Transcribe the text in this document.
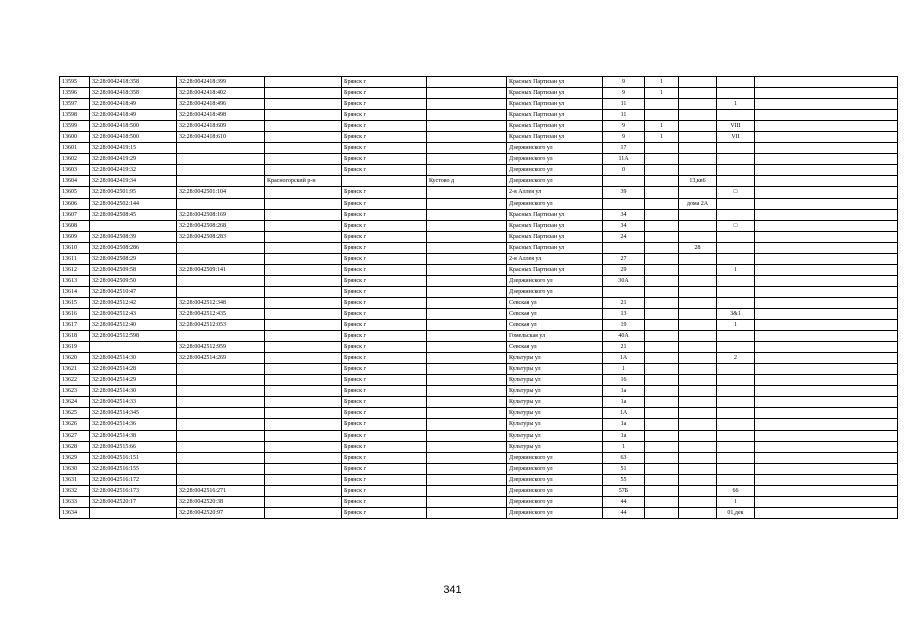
13595	32:28:0042418:358	32:28:0042418:399		Брянск г		Красных Партизан ул	9	1			
13596	32:28:0042418:358	32:28:0042418:402		Брянск г		Красных Партизан ул	9	1			
13597	32:28:0042418:49	32:28:0042418:496		Брянск г		Красных Партизан ул	11			1	
13598	32:28:0042418:49	32:28:0042418:498		Брянск г		Красных Партизан ул	11				
13599	32:28:0042418:500	32:28:0042418:609		Брянск г		Красных Партизан ул	9	1		VIII	
13600	32:28:0042418:500	32:28:0042418:610		Брянск г		Красных Партизан ул	9	1		VII	
13601	32:28:0042419:15			Брянск г		Дзержинского ул	17				
13602	32:28:0042419:29			Брянск г		Дзержинского ул	11А				
13603	32:28:0042419:32			Брянск г		Дзержинского ул	0				
13604	32:28:0042419:34		Красногорский р-н		Кустово д	Дзержинского ул			13,кв6		
13605	32:28:0042501:95	32:28:0042501:104		Брянск г		2-я Аллея ул	39			□	
13606	32:28:0042502:144			Брянск г		Дзержинского ул			дома 2А		
13607	32:28:0042508:45	32:28:0042508:169		Брянск г		Красных Партизан ул	34				
13608		32:28:0042508:268		Брянск г		Красных Партизан ул	34			□	
13609	32:28:0042508:39	32:28:0042508:283		Брянск г		Красных Партизан ул	24				
13610	32:28:0042508:286			Брянск г		Красных Партизан ул			28		
13611	32:28:0042508:29			Брянск г		2-я Аллея ул	27				
13612	32:28:0042509:58	32:28:0042509:141		Брянск г		Красных Партизан ул	29			1	
13613	32:28:0042509:50			Брянск г		Дзержинского ул	30А				
13614	32:28:0042510:47			Брянск г		Дзержинского ул					
13615	32:28:0042512:42	32:28:0042512:348		Брянск г		Севская ул	21				
13616	32:28:0042512:43	32:28:0042512:435		Брянск г		Севская ул	13			3&1	
13617	32:28:0042512:40	32:28:0042512:053		Брянск г		Севская ул	19			1	
13618	32:28:0042512:598			Брянск г		Гомельская ул	40А				
13619		32:28:0042512:959		Брянск г		Севская ул	21				
13620	32:28:0042514:30	32:28:0042514:269		Брянск г		Культуры ул	1А			2	
13621	32:28:0042514:28			Брянск г		Культуры ул	1				
13622	32:28:0042514:29			Брянск г		Культуры ул	16				
13623	32:28:0042514:30			Брянск г		Культуры ул	1а				
13624	32:28:0042514:33			Брянск г		Культуры ул	1а				
13625	32:28:0042514:345			Брянск г		Культуры ул	1А				
13626	32:28:0042514:36			Брянск г		Культуры ул	1а				
13627	32:28:0042514:38			Брянск г		Культуры ул	1а				
13628	32:28:0042515:66			Брянск г		Культуры ул	1				
13629	32:28:0042516:151			Брянск г		Дзержинского ул	63				
13630	32:28:0042516:155			Брянск г		Дзержинского ул	51				
13631	32:28:0042516:172			Брянск г		Дзержинского ул	55				
13632	32:28:0042516:173	32:28:0042516:271		Брянск г		Дзержинского ул	57Б			66	
13633	32:28:0042520:17	32:28:0042520:38		Брянск г		Дзержинского ул	44			1	
13634		32:28:0042520:97		Брянск г		Дзержинского ул	44			01,дек	
341
